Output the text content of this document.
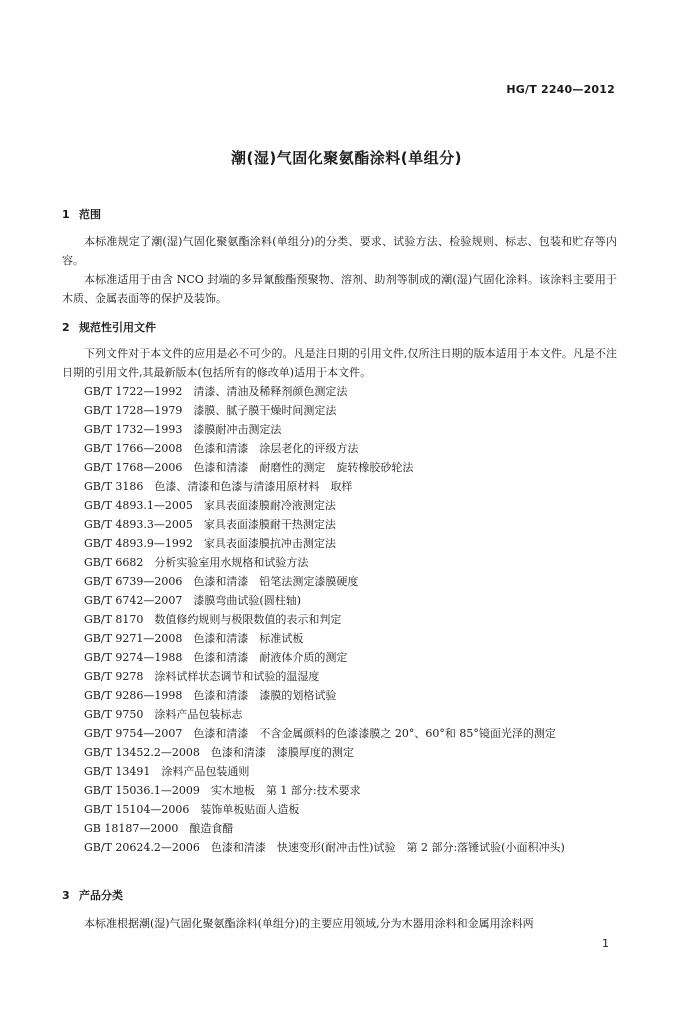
HG/T 2240—2012
潮(湿)气固化聚氨酯涂料(单组分)
1 范围
本标准规定了潮(湿)气固化聚氨酯涂料(单组分)的分类、要求、试验方法、检验规则、标志、包装和贮存等内容。
本标准适用于由含 NCO 封端的多异氰酸酯预聚物、溶剂、助剂等制成的潮(湿)气固化涂料。该涂料主要用于木质、金属表面等的保护及装饰。
2 规范性引用文件
下列文件对于本文件的应用是必不可少的。凡是注日期的引用文件,仅所注日期的版本适用于本文件。凡是不注日期的引用文件,其最新版本(包括所有的修改单)适用于本文件。
GB/T 1722—1992　清漆、清油及稀释剂颜色测定法
GB/T 1728—1979　漆膜、腻子膜干燥时间测定法
GB/T 1732—1993　漆膜耐冲击测定法
GB/T 1766—2008　色漆和清漆　涂层老化的评级方法
GB/T 1768—2006　色漆和清漆　耐磨性的测定　旋转橡胶砂轮法
GB/T 3186　色漆、清漆和色漆与清漆用原材料　取样
GB/T 4893.1—2005　家具表面漆膜耐冷液测定法
GB/T 4893.3—2005　家具表面漆膜耐干热测定法
GB/T 4893.9—1992　家具表面漆膜抗冲击测定法
GB/T 6682　分析实验室用水规格和试验方法
GB/T 6739—2006　色漆和清漆　铅笔法测定漆膜硬度
GB/T 6742—2007　漆膜弯曲试验(圆柱轴)
GB/T 8170　数值修约规则与极限数值的表示和判定
GB/T 9271—2008　色漆和清漆　标准试板
GB/T 9274—1988　色漆和清漆　耐液体介质的测定
GB/T 9278　涂料试样状态调节和试验的温湿度
GB/T 9286—1998　色漆和清漆　漆膜的划格试验
GB/T 9750　涂料产品包装标志
GB/T 9754—2007　色漆和清漆　不含金属颜料的色漆漆膜之 20°、60°和 85°镜面光泽的测定
GB/T 13452.2—2008　色漆和清漆　漆膜厚度的测定
GB/T 13491　涂料产品包装通则
GB/T 15036.1—2009　实木地板　第 1 部分:技术要求
GB/T 15104—2006　装饰单板贴面人造板
GB 18187—2000　酿造食醋
GB/T 20624.2—2006　色漆和清漆　快速变形(耐冲击性)试验　第 2 部分:落锤试验(小面积冲头)
3 产品分类
本标准根据潮(湿)气固化聚氨酯涂料(单组分)的主要应用领域,分为木器用涂料和金属用涂料两
1
